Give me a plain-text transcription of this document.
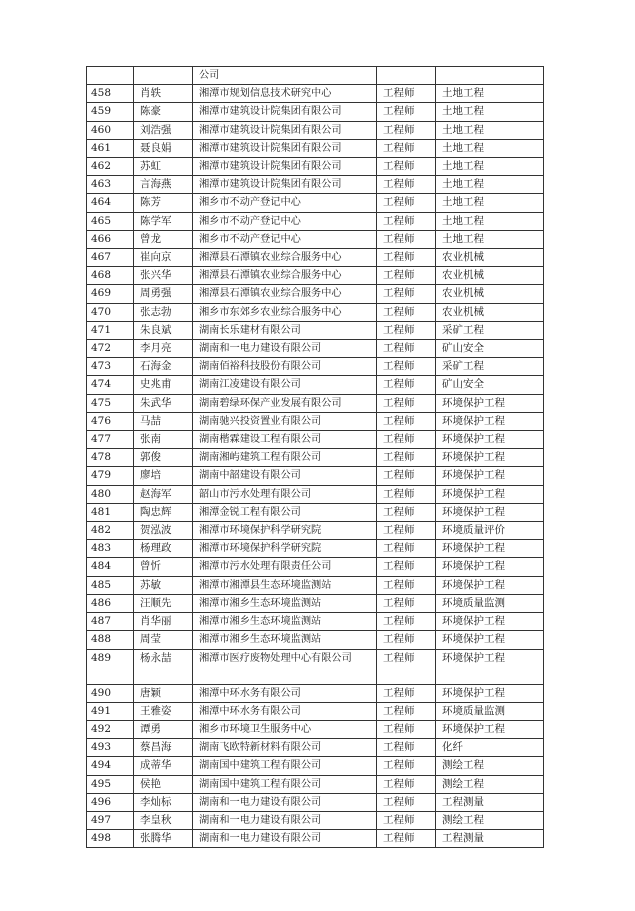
		公司		
458	肖轶	湘潭市规划信息技术研究中心	工程师	土地工程
459	陈豪	湘潭市建筑设计院集团有限公司	工程师	土地工程
460	刘浩强	湘潭市建筑设计院集团有限公司	工程师	土地工程
461	聂良娟	湘潭市建筑设计院集团有限公司	工程师	土地工程
462	苏虹	湘潭市建筑设计院集团有限公司	工程师	土地工程
463	言海燕	湘潭市建筑设计院集团有限公司	工程师	土地工程
464	陈芳	湘乡市不动产登记中心	工程师	土地工程
465	陈学军	湘乡市不动产登记中心	工程师	土地工程
466	曾龙	湘乡市不动产登记中心	工程师	土地工程
467	崔向京	湘潭县石潭镇农业综合服务中心	工程师	农业机械
468	张兴华	湘潭县石潭镇农业综合服务中心	工程师	农业机械
469	周勇强	湘潭县石潭镇农业综合服务中心	工程师	农业机械
470	张志勃	湘乡市东郊乡农业综合服务中心	工程师	农业机械
471	朱良斌	湖南长乐建材有限公司	工程师	采矿工程
472	李月亮	湖南和一电力建设有限公司	工程师	矿山安全
473	石海金	湖南佰裕科技股份有限公司	工程师	采矿工程
474	史兆甫	湖南江凌建设有限公司	工程师	矿山安全
475	朱武华	湖南碧绿环保产业发展有限公司	工程师	环境保护工程
476	马喆	湖南驰兴投资置业有限公司	工程师	环境保护工程
477	张南	湖南楷霖建设工程有限公司	工程师	环境保护工程
478	郭俊	湖南湘屿建筑工程有限公司	工程师	环境保护工程
479	廖培	湖南中韶建设有限公司	工程师	环境保护工程
480	赵海军	韶山市污水处理有限公司	工程师	环境保护工程
481	陶忠辉	湘潭金锐工程有限公司	工程师	环境保护工程
482	贺泓波	湘潭市环境保护科学研究院	工程师	环境质量评价
483	杨理政	湘潭市环境保护科学研究院	工程师	环境保护工程
484	曾忻	湘潭市污水处理有限责任公司	工程师	环境保护工程
485	苏敏	湘潭市湘潭县生态环境监测站	工程师	环境保护工程
486	汪顺先	湘潭市湘乡生态环境监测站	工程师	环境质量监测
487	肖华丽	湘潭市湘乡生态环境监测站	工程师	环境保护工程
488	周莹	湘潭市湘乡生态环境监测站	工程师	环境保护工程
489	杨永喆	湘潭市医疗废物处理中心有限公司	工程师	环境保护工程
490	唐颖	湘潭中环水务有限公司	工程师	环境保护工程
491	王雅姿	湘潭中环水务有限公司	工程师	环境质量监测
492	谭勇	湘乡市环境卫生服务中心	工程师	环境保护工程
493	蔡昌海	湖南飞欧特新材料有限公司	工程师	化纤
494	成蒂华	湖南国中建筑工程有限公司	工程师	测绘工程
495	侯艳	湖南国中建筑工程有限公司	工程师	测绘工程
496	李灿标	湖南和一电力建设有限公司	工程师	工程测量
497	李皇秋	湖南和一电力建设有限公司	工程师	测绘工程
498	张腾华	湖南和一电力建设有限公司	工程师	工程测量
